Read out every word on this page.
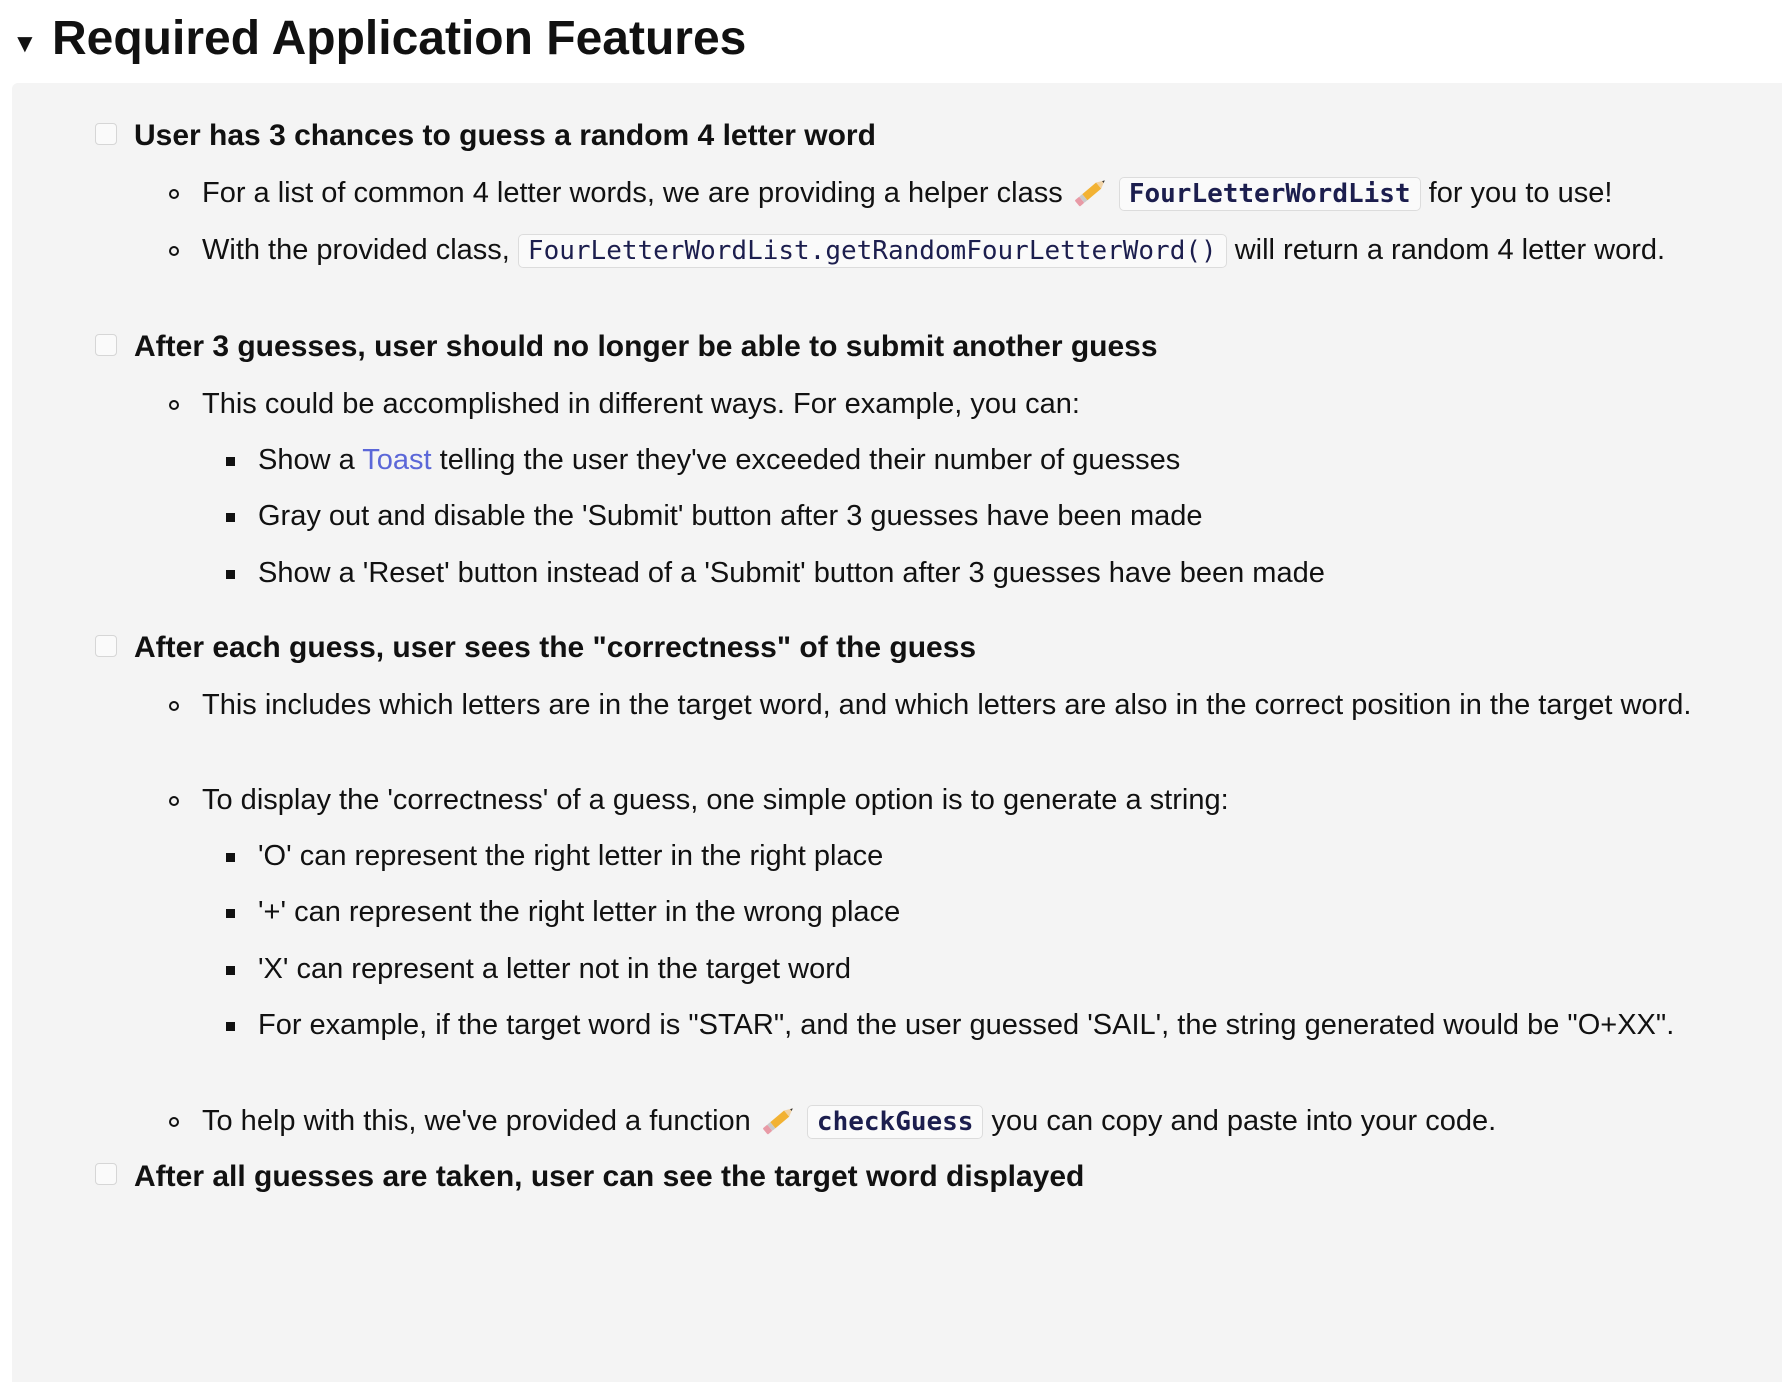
▼ Required Application Features
User has 3 chances to guess a random 4 letter word
For a list of common 4 letter words, we are providing a helper class  FourLetterWordList for you to use!
With the provided class, FourLetterWordList.getRandomFourLetterWord() will return a random 4 letter word.
After 3 guesses, user should no longer be able to submit another guess
This could be accomplished in different ways. For example, you can:
Show a Toast telling the user they've exceeded their number of guesses
Gray out and disable the 'Submit' button after 3 guesses have been made
Show a 'Reset' button instead of a 'Submit' button after 3 guesses have been made
After each guess, user sees the "correctness" of the guess
This includes which letters are in the target word, and which letters are also in the correct position in the target word.
To display the 'correctness' of a guess, one simple option is to generate a string:
'O' can represent the right letter in the right place
'+' can represent the right letter in the wrong place
'X' can represent a letter not in the target word
For example, if the target word is "STAR", and the user guessed 'SAIL', the string generated would be "O+XX".
To help with this, we've provided a function  checkGuess you can copy and paste into your code.
After all guesses are taken, user can see the target word displayed
